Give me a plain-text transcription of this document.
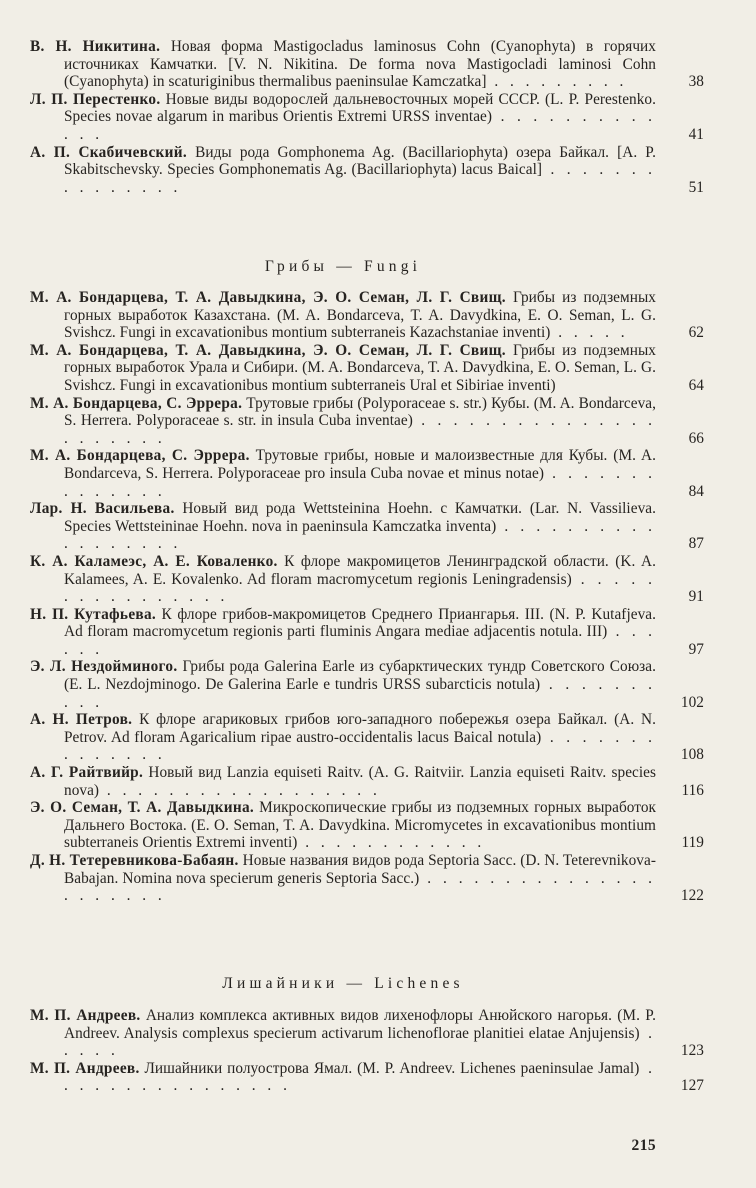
В. Н. Никитина. Новая форма Mastigocladus laminosus Cohn (Cyanophyta) в горячих источниках Камчатки. [V. N. Nikitina. De forma nova Mastigocladi laminosi Cohn (Cyanophyta) in scaturiginibus thermalibus paeninsulae Kamczatka] . . . . . . . . .	38
Л. П. Перестенко. Новые виды водорослей дальневосточных морей СССР. (L. P. Perestenko. Species novae algarum in maribus Orientis Extremi URSS inventae) . . . . . . . . . . . . .	41
А. П. Скабичевский. Виды рода Gomphonema Ag. (Bacillariophyta) озера Байкал. [A. P. Skabitschevsky. Species Gomphonematis Ag. (Bacillariophyta) lacus Baical] . . . . . . . . . . . . . . .	51
Грибы — Fungi
М. А. Бондарцева, Т. А. Давыдкина, Э. О. Семан, Л. Г. Свищ. Грибы из подземных горных выработок Казахстана. (M. A. Bondarceva, T. A. Davydkina, E. O. Seman, L. G. Svishcz. Fungi in excavationibus montium subterraneis Kazachstaniae inventi) . . . . .	62
М. А. Бондарцева, Т. А. Давыдкина, Э. О. Семан, Л. Г. Свищ. Грибы из подземных горных выработок Урала и Сибири. (M. A. Bondarceva, T. A. Davydkina, E. O. Seman, L. G. Svishcz. Fungi in excavationibus montium subterraneis Ural et Sibiriae inventi)	64
М. А. Бондарцева, С. Эррера. Трутовые грибы (Polyporaceae s. str.) Кубы. (M. A. Bondarceva, S. Herrera. Polyporaceae s. str. in insula Cuba inventae) . . . . . . . . . . . . . . . . . . . . . .	66
М. А. Бондарцева, С. Эррера. Трутовые грибы, новые и малоизвестные для Кубы. (M. A. Bondarceva, S. Herrera. Polyporaceae pro insula Cuba novae et minus notae) . . . . . . . . . . . . . .	84
Лар. Н. Васильева. Новый вид рода Wettsteinina Hoehn. с Камчатки. (Lar. N. Vassilieva. Species Wettsteininae Hoehn. nova in paeninsula Kamczatka inventa) . . . . . . . . . . . . . . . . . .	87
К. А. Каламеэс, А. Е. Коваленко. К флоре макромицетов Ленинградской области. (K. A. Kalamees, A. E. Kovalenko. Ad floram macromycetum regionis Leningradensis) . . . . . . . . . . . . . . . .	91
Н. П. Кутафьева. К флоре грибов-макромицетов Среднего Приангарья. III. (N. P. Kutafjeva. Ad floram macromycetum regionis parti fluminis Angara mediae adjacentis notula. III) . . . . . .	97
Э. Л. Нездойминого. Грибы рода Galerina Earle из субарктических тундр Советского Союза. (E. L. Nezdojminogo. De Galerina Earle e tundris URSS subarcticis notula) . . . . . . . . . .	102
А. Н. Петров. К флоре агариковых грибов юго-западного побережья озера Байкал. (A. N. Petrov. Ad floram Agaricalium ripae austro-occidentalis lacus Baical notula) . . . . . . . . . . . . . .	108
А. Г. Райтвийр. Новый вид Lanzia equiseti Raitv. (A. G. Raitviir. Lanzia equiseti Raitv. species nova) . . . . . . . . . . . . . . . . . .	116
Э. О. Семан, Т. А. Давыдкина. Микроскопические грибы из подземных горных выработок Дальнего Востока. (E. O. Seman, T. A. Davydkina. Micromycetes in excavationibus montium subterraneis Orientis Extremi inventi) . . . . . . . . . . . .	119
Д. Н. Тетеревникова-Бабаян. Новые названия видов рода Septoria Sacc. (D. N. Teterevnikova-Babajan. Nomina nova specierum generis Septoria Sacc.) . . . . . . . . . . . . . . . . . . . . . .	122
Лишайники — Lichenes
М. П. Андреев. Анализ комплекса активных видов лихенофлоры Анюйского нагорья. (M. P. Andreev. Analysis complexus specierum activarum lichenoflorae planitiei elatae Anjujensis) . . . . .	123
М. П. Андреев. Лишайники полуострова Ямал. (M. P. Andreev. Lichenes paeninsulae Jamal) . . . . . . . . . . . . . . . .	127
215
